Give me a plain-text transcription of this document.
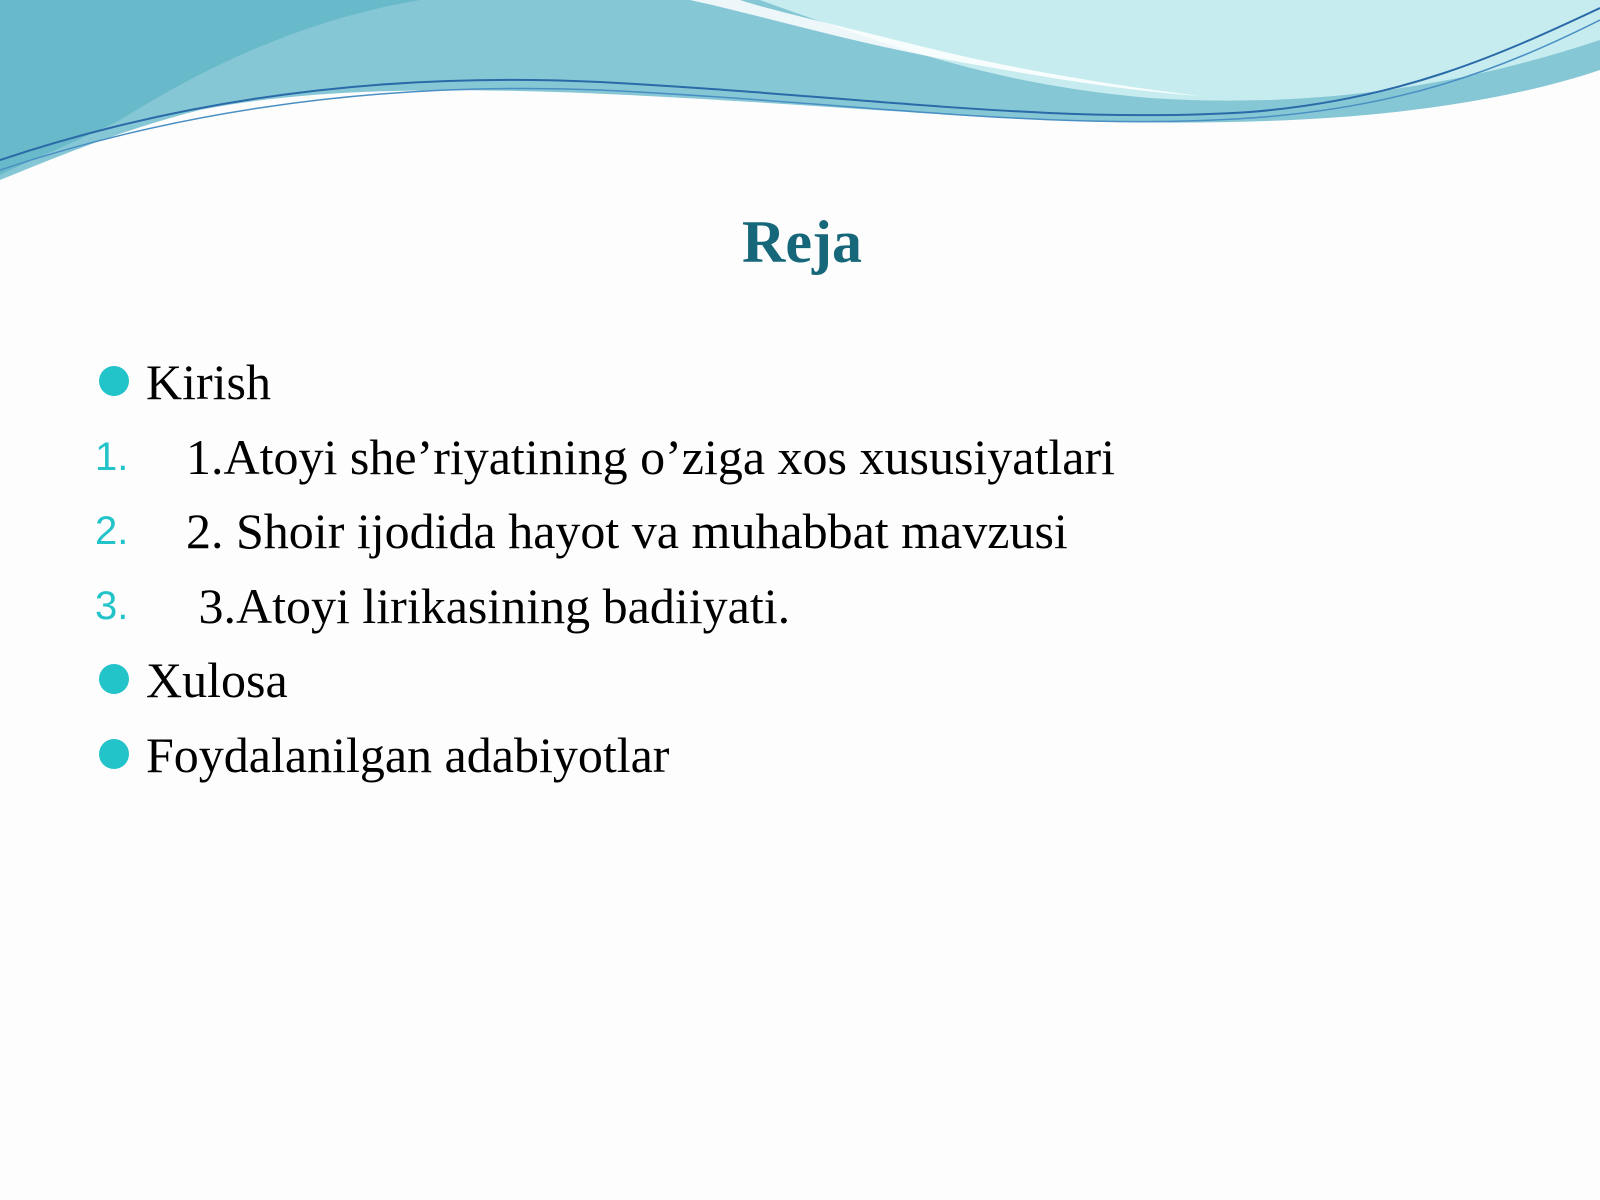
Reja
Kirish
1. 1.Atoyi she’riyatining o’ziga xos xususiyatlari
2. 2. Shoir ijodida hayot va muhabbat mavzusi
3. 3.Atoyi lirikasining badiiyati.
Xulosa
Foydalanilgan adabiyotlar
